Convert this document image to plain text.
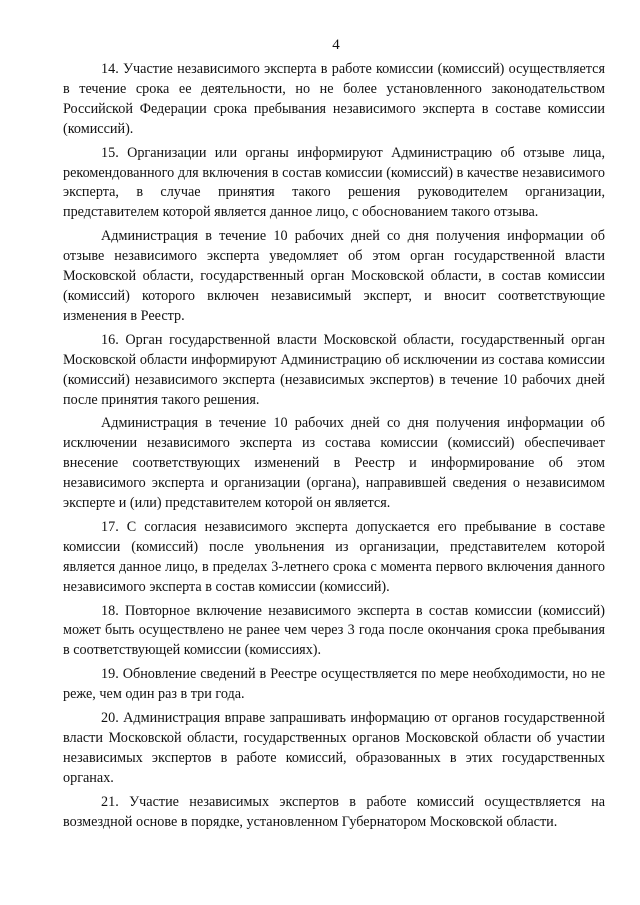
4

14. Участие независимого эксперта в работе комиссии (комиссий) осуществляется в течение срока ее деятельности, но не более установленного законодательством Российской Федерации срока пребывания независимого эксперта в составе комиссии (комиссий).

15. Организации или органы информируют Администрацию об отзыве лица, рекомендованного для включения в состав комиссии (комиссий) в качестве независимого эксперта, в случае принятия такого решения руководителем организации, представителем которой является данное лицо, с обоснованием такого отзыва.

Администрация в течение 10 рабочих дней со дня получения информации об отзыве независимого эксперта уведомляет об этом орган государственной власти Московской области, государственный орган Московской области, в состав комиссии (комиссий) которого включен независимый эксперт, и вносит соответствующие изменения в Реестр.

16. Орган государственной власти Московской области, государственный орган Московской области информируют Администрацию об исключении из состава комиссии (комиссий) независимого эксперта (независимых экспертов) в течение 10 рабочих дней после принятия такого решения.

Администрация в течение 10 рабочих дней со дня получения информации об исключении независимого эксперта из состава комиссии (комиссий) обеспечивает внесение соответствующих изменений в Реестр и информирование об этом независимого эксперта и организации (органа), направившей сведения о независимом эксперте и (или) представителем которой он является.

17. С согласия независимого эксперта допускается его пребывание в составе комиссии (комиссий) после увольнения из организации, представителем которой является данное лицо, в пределах 3-летнего срока с момента первого включения данного независимого эксперта в состав комиссии (комиссий).

18. Повторное включение независимого эксперта в состав комиссии (комиссий) может быть осуществлено не ранее чем через 3 года после окончания срока пребывания в соответствующей комиссии (комиссиях).

19. Обновление сведений в Реестре осуществляется по мере необходимости, но не реже, чем один раз в три года.

20. Администрация вправе запрашивать информацию от органов государственной власти Московской области, государственных органов Московской области об участии независимых экспертов в работе комиссий, образованных в этих государственных органах.

21. Участие независимых экспертов в работе комиссий осуществляется на возмездной основе в порядке, установленном Губернатором Московской области.
